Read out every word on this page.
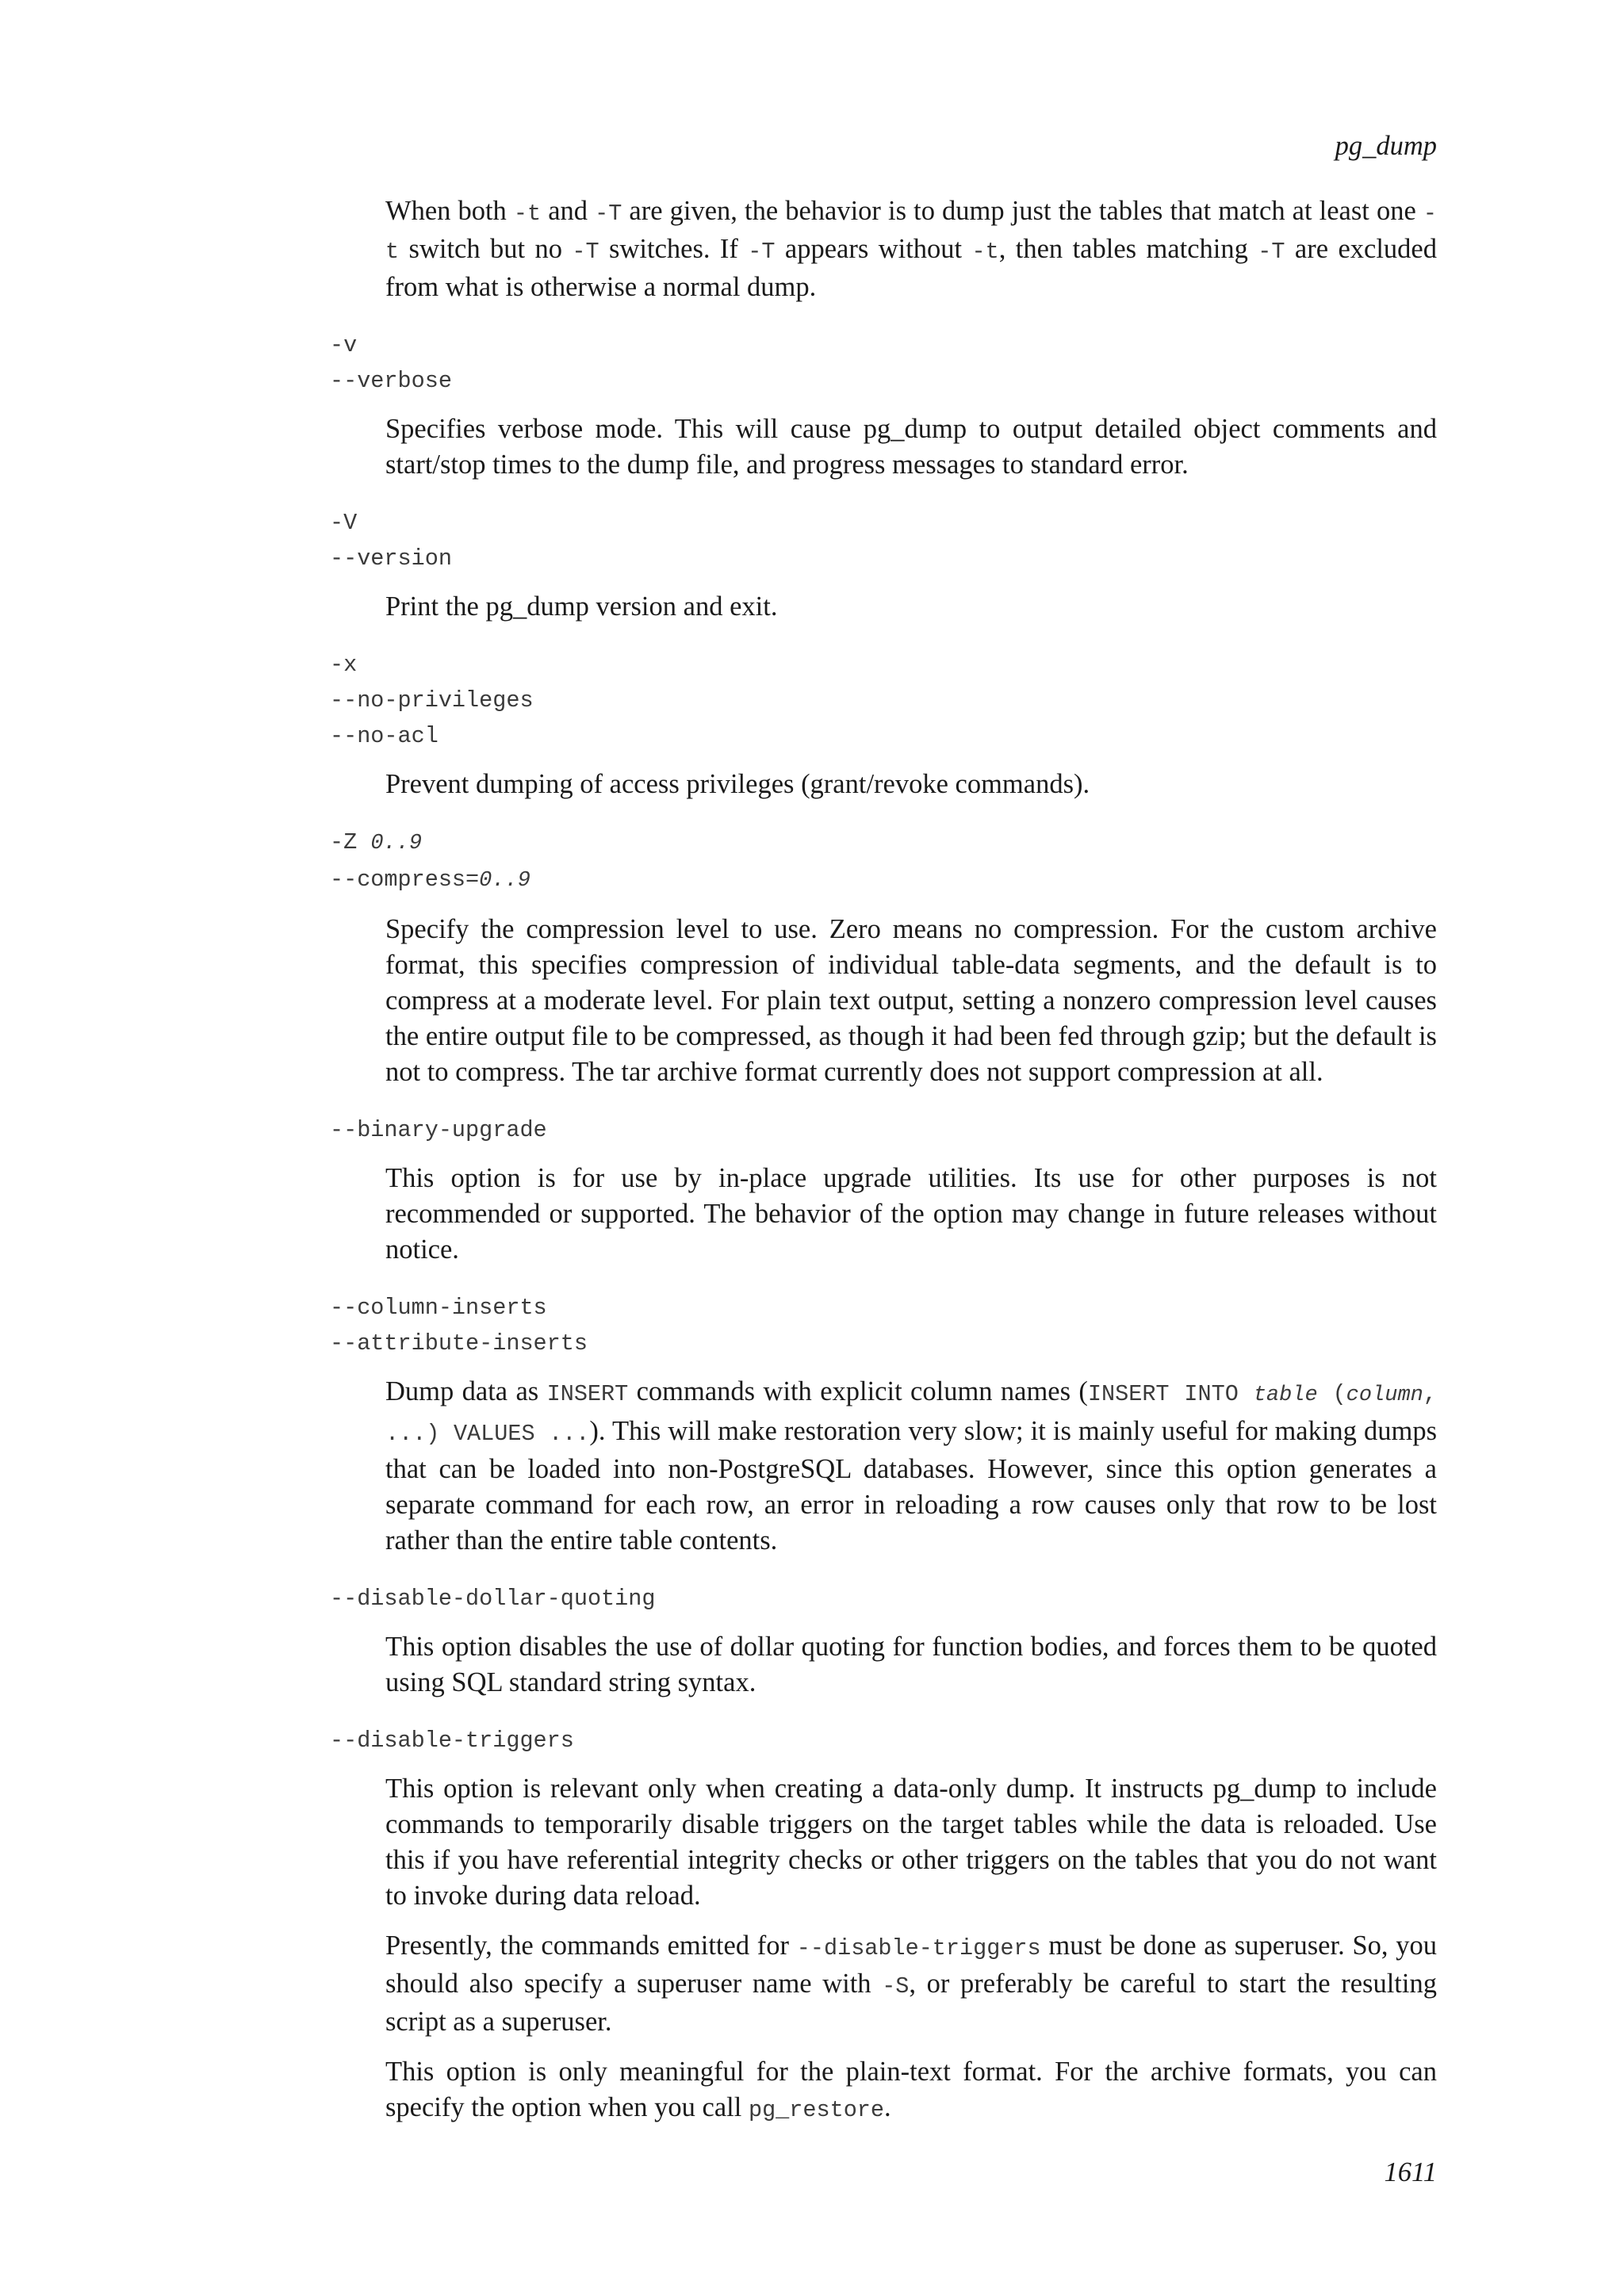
pg_dump

When both -t and -T are given, the behavior is to dump just the tables that match at least one -t switch but no -T switches. If -T appears without -t, then tables matching -T are excluded from what is otherwise a normal dump.

-v

--verbose

Specifies verbose mode. This will cause pg_dump to output detailed object comments and start/stop times to the dump file, and progress messages to standard error.

-V

--version

Print the pg_dump version and exit.

-x

--no-privileges

--no-acl

Prevent dumping of access privileges (grant/revoke commands).

-Z 0..9

--compress=0..9

Specify the compression level to use. Zero means no compression. For the custom archive format, this specifies compression of individual table-data segments, and the default is to compress at a moderate level. For plain text output, setting a nonzero compression level causes the entire output file to be compressed, as though it had been fed through gzip; but the default is not to compress. The tar archive format currently does not support compression at all.

--binary-upgrade

This option is for use by in-place upgrade utilities. Its use for other purposes is not recommended or supported. The behavior of the option may change in future releases without notice.

--column-inserts

--attribute-inserts

Dump data as INSERT commands with explicit column names (INSERT INTO table (column, ...) VALUES ...). This will make restoration very slow; it is mainly useful for making dumps that can be loaded into non-PostgreSQL databases. However, since this option generates a separate command for each row, an error in reloading a row causes only that row to be lost rather than the entire table contents.

--disable-dollar-quoting

This option disables the use of dollar quoting for function bodies, and forces them to be quoted using SQL standard string syntax.

--disable-triggers

This option is relevant only when creating a data-only dump. It instructs pg_dump to include commands to temporarily disable triggers on the target tables while the data is reloaded. Use this if you have referential integrity checks or other triggers on the tables that you do not want to invoke during data reload.

Presently, the commands emitted for --disable-triggers must be done as superuser. So, you should also specify a superuser name with -S, or preferably be careful to start the resulting script as a superuser.

This option is only meaningful for the plain-text format. For the archive formats, you can specify the option when you call pg_restore.

1611
